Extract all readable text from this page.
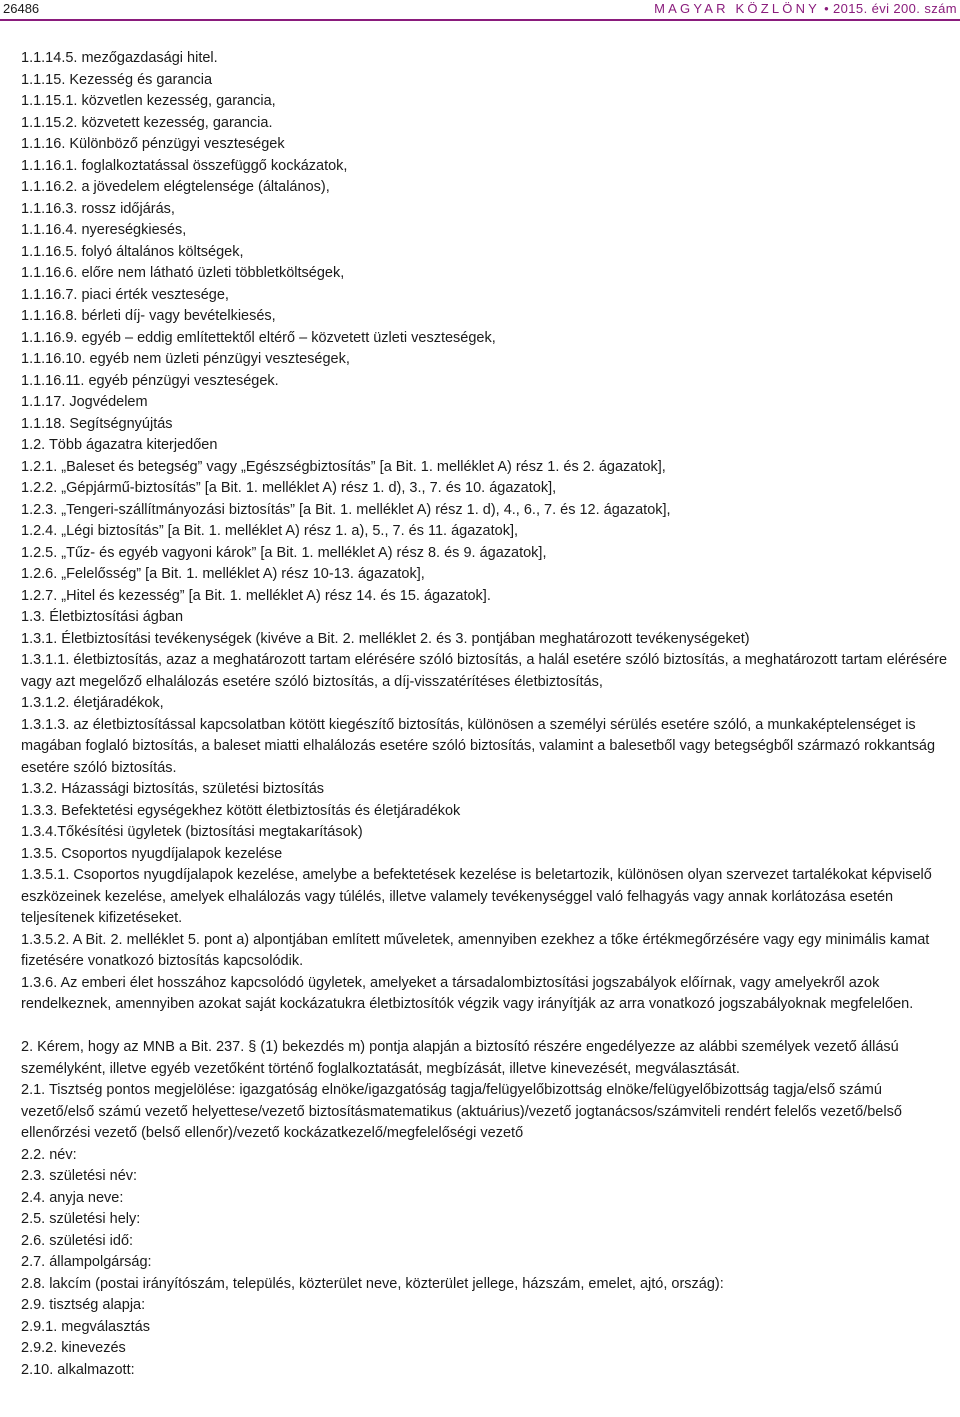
26486	MAGYAR KÖZLÖNY • 2015. évi 200. szám

1.1.14.5. mezőgazdasági hitel.

1.1.15. Kezesség és garancia

1.1.15.1. közvetlen kezesség, garancia,

1.1.15.2. közvetett kezesség, garancia.

1.1.16. Különböző pénzügyi veszteségek

1.1.16.1. foglalkoztatással összefüggő kockázatok,

1.1.16.2. a jövedelem elégtelensége (általános),

1.1.16.3. rossz időjárás,

1.1.16.4. nyereségkiesés,

1.1.16.5. folyó általános költségek,

1.1.16.6. előre nem látható üzleti többletköltségek,

1.1.16.7. piaci érték vesztesége,

1.1.16.8. bérleti díj- vagy bevételkiesés,

1.1.16.9. egyéb – eddig említettektől eltérő – közvetett üzleti veszteségek,

1.1.16.10. egyéb nem üzleti pénzügyi veszteségek,

1.1.16.11. egyéb pénzügyi veszteségek.

1.1.17. Jogvédelem

1.1.18. Segítségnyújtás

1.2. Több ágazatra kiterjedően

1.2.1. „Baleset és betegség” vagy „Egészségbiztosítás” [a Bit. 1. melléklet A) rész 1. és 2. ágazatok],

1.2.2. „Gépjármű-biztosítás” [a Bit. 1. melléklet A) rész 1. d), 3., 7. és 10. ágazatok],

1.2.3. „Tengeri-szállítmányozási biztosítás” [a Bit. 1. melléklet A) rész 1. d), 4., 6., 7. és 12. ágazatok],

1.2.4. „Légi biztosítás” [a Bit. 1. melléklet A) rész 1. a), 5., 7. és 11. ágazatok],

1.2.5. „Tűz- és egyéb vagyoni károk” [a Bit. 1. melléklet A) rész 8. és 9. ágazatok],

1.2.6. „Felelősség” [a Bit. 1. melléklet A) rész 10-13. ágazatok],

1.2.7. „Hitel és kezesség” [a Bit. 1. melléklet A) rész 14. és 15. ágazatok].

1.3. Életbiztosítási ágban

1.3.1. Életbiztosítási tevékenységek (kivéve a Bit. 2. melléklet 2. és 3. pontjában meghatározott tevékenységeket)

1.3.1.1. életbiztosítás, azaz a meghatározott tartam elérésére szóló biztosítás, a halál esetére szóló biztosítás, a meghatározott tartam elérésére vagy azt megelőző elhalálozás esetére szóló biztosítás, a díj-visszatérítéses életbiztosítás,

1.3.1.2. életjáradékok,

1.3.1.3. az életbiztosítással kapcsolatban kötött kiegészítő biztosítás, különösen a személyi sérülés esetére szóló, a munkaképtelenséget is magában foglaló biztosítás, a baleset miatti elhalálozás esetére szóló biztosítás, valamint a balesetből vagy betegségből származó rokkantság esetére szóló biztosítás.

1.3.2. Házassági biztosítás, születési biztosítás

1.3.3. Befektetési egységekhez kötött életbiztosítás és életjáradékok

1.3.4.Tőkésítési ügyletek (biztosítási megtakarítások)

1.3.5. Csoportos nyugdíjalapok kezelése

1.3.5.1. Csoportos nyugdíjalapok kezelése, amelybe a befektetések kezelése is beletartozik, különösen olyan szervezet tartalékokat képviselő eszközeinek kezelése, amelyek elhalálozás vagy túlélés, illetve valamely tevékenységgel való felhagyás vagy annak korlátozása esetén teljesítenek kifizetéseket.

1.3.5.2. A Bit. 2. melléklet 5. pont a) alpontjában említett műveletek, amennyiben ezekhez a tőke értékmegőrzésére vagy egy minimális kamat fizetésére vonatkozó biztosítás kapcsolódik.

1.3.6. Az emberi élet hosszához kapcsolódó ügyletek, amelyeket a társadalombiztosítási jogszabályok előírnak, vagy amelyekről azok rendelkeznek, amennyiben azokat saját kockázatukra életbiztosítók végzik vagy irányítják az arra vonatkozó jogszabályoknak megfelelően.

2. Kérem, hogy az MNB a Bit. 237. § (1) bekezdés m) pontja alapján a biztosító részére engedélyezze az alábbi személyek vezető állású személyként, illetve egyéb vezetőként történő foglalkoztatását, megbízását, illetve kinevezését, megválasztását.

2.1. Tisztség pontos megjelölése: igazgatóság elnöke/igazgatóság tagja/felügyelőbizottság elnöke/felügyelőbizottság tagja/első számú vezető/első számú vezető helyettese/vezető biztosításmatematikus (aktuárius)/vezető jogtanácsos/számviteli rendért felelős vezető/belső ellenőrzési vezető (belső ellenőr)/vezető kockázatkezelő/megfelelőségi vezető

2.2. név:

2.3. születési név:

2.4. anyja neve:

2.5. születési hely:

2.6. születési idő:

2.7. állampolgárság:

2.8. lakcím (postai irányítószám, település, közterület neve, közterület jellege, házszám, emelet, ajtó, ország):

2.9. tisztség alapja:

2.9.1. megválasztás

2.9.2. kinevezés

2.10. alkalmazott:
